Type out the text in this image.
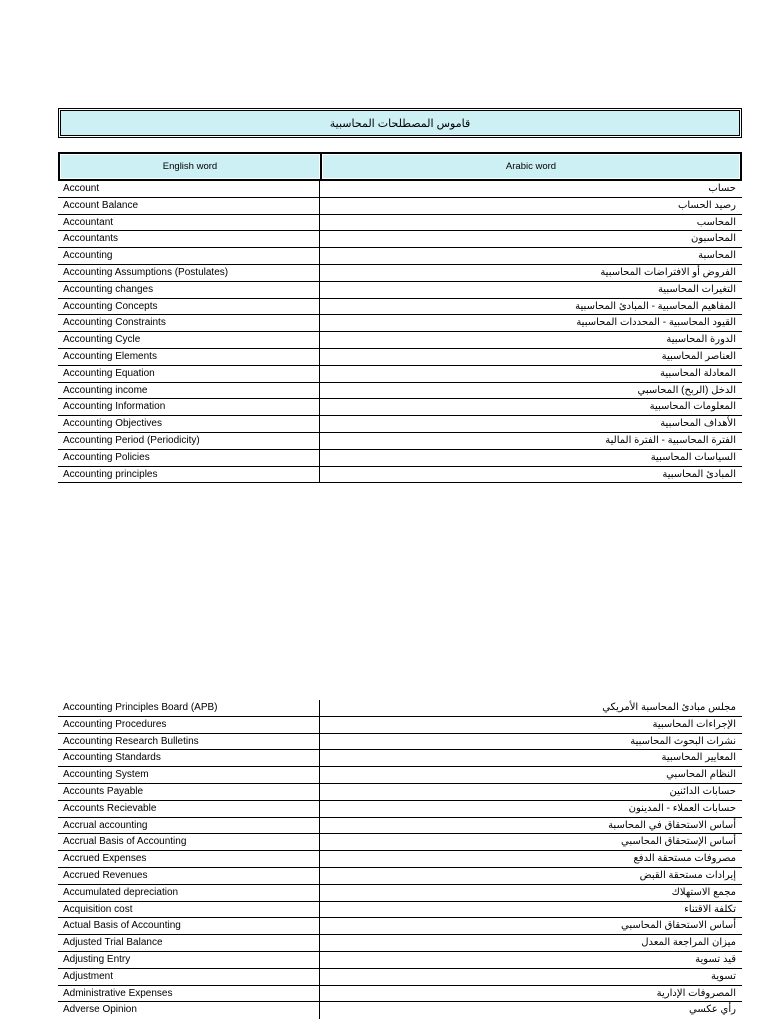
قاموس المصطلحات المحاسبية
English word	Arabic word
Account	حساب
Account Balance	رصيد الحساب
Accountant	المحاسب
Accountants	المحاسبون
Accounting	المحاسبة
Accounting Assumptions (Postulates)	الفروض أو الافتراضات المحاسبية
Accounting changes	التغيرات المحاسبية
Accounting Concepts	المفاهيم المحاسبية - المبادئ المحاسبية
Accounting Constraints	القيود المحاسبية - المحددات المحاسبية
Accounting Cycle	الدورة المحاسبية
Accounting Elements	العناصر المحاسبية
Accounting Equation	المعادلة المحاسبية
Accounting income	الدخل (الربح) المحاسبي
Accounting Information	المعلومات المحاسبية
Accounting Objectives	الأهداف المحاسبية
Accounting Period (Periodicity)	الفترة المحاسبية - الفترة المالية
Accounting Policies	السياسات المحاسبية
Accounting principles	المبادئ المحاسبية
Accounting Principles Board (APB)	مجلس مبادئ المحاسبة الأمريكي
Accounting Procedures	الإجراءات المحاسبية
Accounting Research Bulletins	نشرات البحوث المحاسبية
Accounting Standards	المعايير المحاسبية
Accounting System	النظام المحاسبي
Accounts Payable	حسابات الدائنين
Accounts Recievable	حسابات العملاء - المدينون
Accrual accounting	أساس الاستحقاق في المحاسبة
Accrual Basis of Accounting	أساس الإستحقاق المحاسبي
Accrued Expenses	مصروفات مستحقة الدفع
Accrued Revenues	إيرادات مستحقة القبض
Accumulated depreciation	مجمع الاستهلاك
Acquisition cost	تكلفة الاقتناء
Actual Basis of Accounting	أساس الاستحقاق المحاسبي
Adjusted Trial Balance	ميزان المراجعة المعدل
Adjusting Entry	قيد تسوية
Adjustment	تسوية
Administrative Expenses	المصروفات الإدارية
Adverse Opinion	رأي عكسي
